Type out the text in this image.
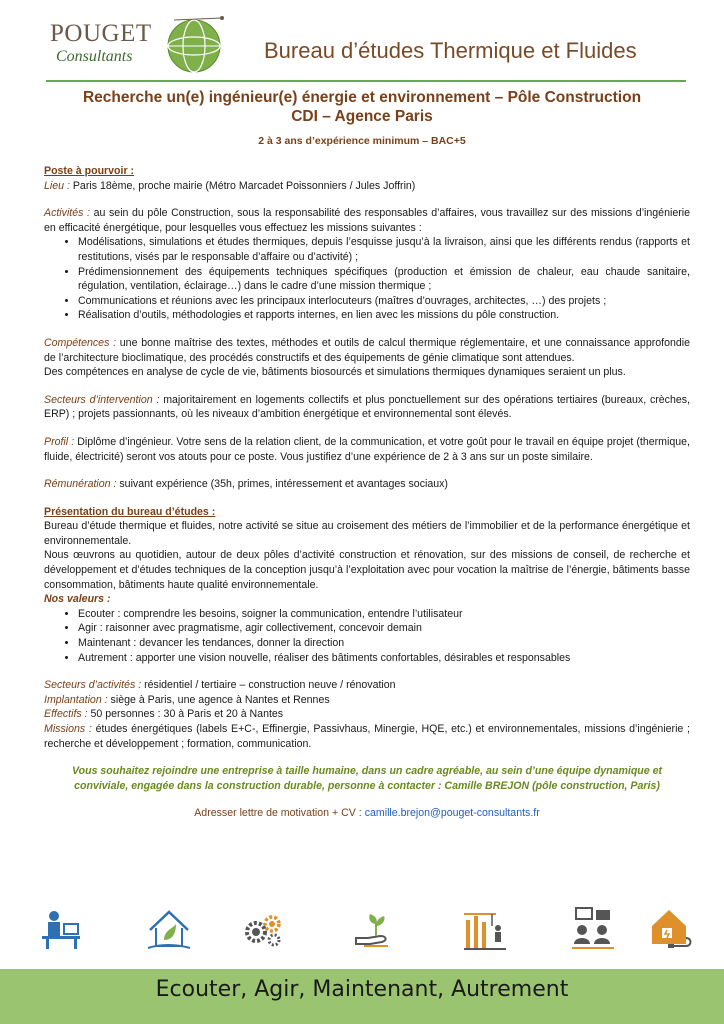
POUGET
Consultants	Bureau d’études Thermique et Fluides
Recherche un(e) ingénieur(e) énergie et environnement – Pôle Construction
CDI – Agence Paris
2 à 3 ans d’expérience minimum – BAC+5

Poste à pourvoir :

Lieu : Paris 18ème, proche mairie (Métro Marcadet Poissonniers / Jules Joffrin)

Activités : au sein du pôle Construction, sous la responsabilité des responsables d’affaires, vous travaillez sur des missions d’ingénierie en efficacité énergétique, pour lesquelles vous effectuez les missions suivantes :

• Modélisations, simulations et études thermiques, depuis l’esquisse jusqu’à la livraison, ainsi que les différents rendus (rapports et restitutions, visés par le responsable d’affaire ou d’activité) ;
• Prédimensionnement des équipements techniques spécifiques (production et émission de chaleur, eau chaude sanitaire, régulation, ventilation, éclairage…) dans le cadre d’une mission thermique ;
• Communications et réunions avec les principaux interlocuteurs (maîtres d’ouvrages, architectes, …) des projets ;
• Réalisation d’outils, méthodologies et rapports internes, en lien avec les missions du pôle construction.

Compétences : une bonne maîtrise des textes, méthodes et outils de calcul thermique réglementaire, et une connaissance approfondie de l’architecture bioclimatique, des procédés constructifs et des équipements de génie climatique sont attendues.

Des compétences en analyse de cycle de vie, bâtiments biosourcés et simulations thermiques dynamiques seraient un plus.

Secteurs d’intervention : majoritairement en logements collectifs et plus ponctuellement sur des opérations tertiaires (bureaux, crèches, ERP) ; projets passionnants, où les niveaux d’ambition énergétique et environnemental sont élevés.

Profil : Diplôme d’ingénieur. Votre sens de la relation client, de la communication, et votre goût pour le travail en équipe projet (thermique, fluide, électricité) seront vos atouts pour ce poste. Vous justifiez d’une expérience de 2 à 3 ans sur un poste similaire.

Rémunération : suivant expérience (35h, primes, intéressement et avantages sociaux)

Présentation du bureau d’études :

Bureau d’étude thermique et fluides, notre activité se situe au croisement des métiers de l’immobilier et de la performance énergétique et environnementale.

Nous œuvrons au quotidien, autour de deux pôles d’activité construction et rénovation, sur des missions de conseil, de recherche et développement et d’études techniques de la conception jusqu’à l’exploitation avec pour vocation la maîtrise de l’énergie, bâtiments basse consommation, bâtiments haute qualité environnementale.

Nos valeurs :

• Ecouter : comprendre les besoins, soigner la communication, entendre l’utilisateur
• Agir : raisonner avec pragmatisme, agir collectivement, concevoir demain
• Maintenant : devancer les tendances, donner la direction
• Autrement : apporter une vision nouvelle, réaliser des bâtiments confortables, désirables et responsables

Secteurs d’activités : résidentiel / tertiaire – construction neuve / rénovation

Implantation : siège à Paris, une agence à Nantes et Rennes

Effectifs : 50 personnes : 30 à Paris et 20 à Nantes

Missions : études énergétiques (labels E+C-, Effinergie, Passivhaus, Minergie, HQE, etc.) et environnementales, missions d’ingénierie ; recherche et développement ; formation, communication.

Vous souhaitez rejoindre une entreprise à taille humaine, dans un cadre agréable, au sein d’une équipe dynamique et conviviale, engagée dans la construction durable, personne à contacter : Camille BREJON (pôle construction, Paris)

Adresser lettre de motivation + CV : camille.brejon@pouget-consultants.fr

Ecouter, Agir, Maintenant, Autrement
